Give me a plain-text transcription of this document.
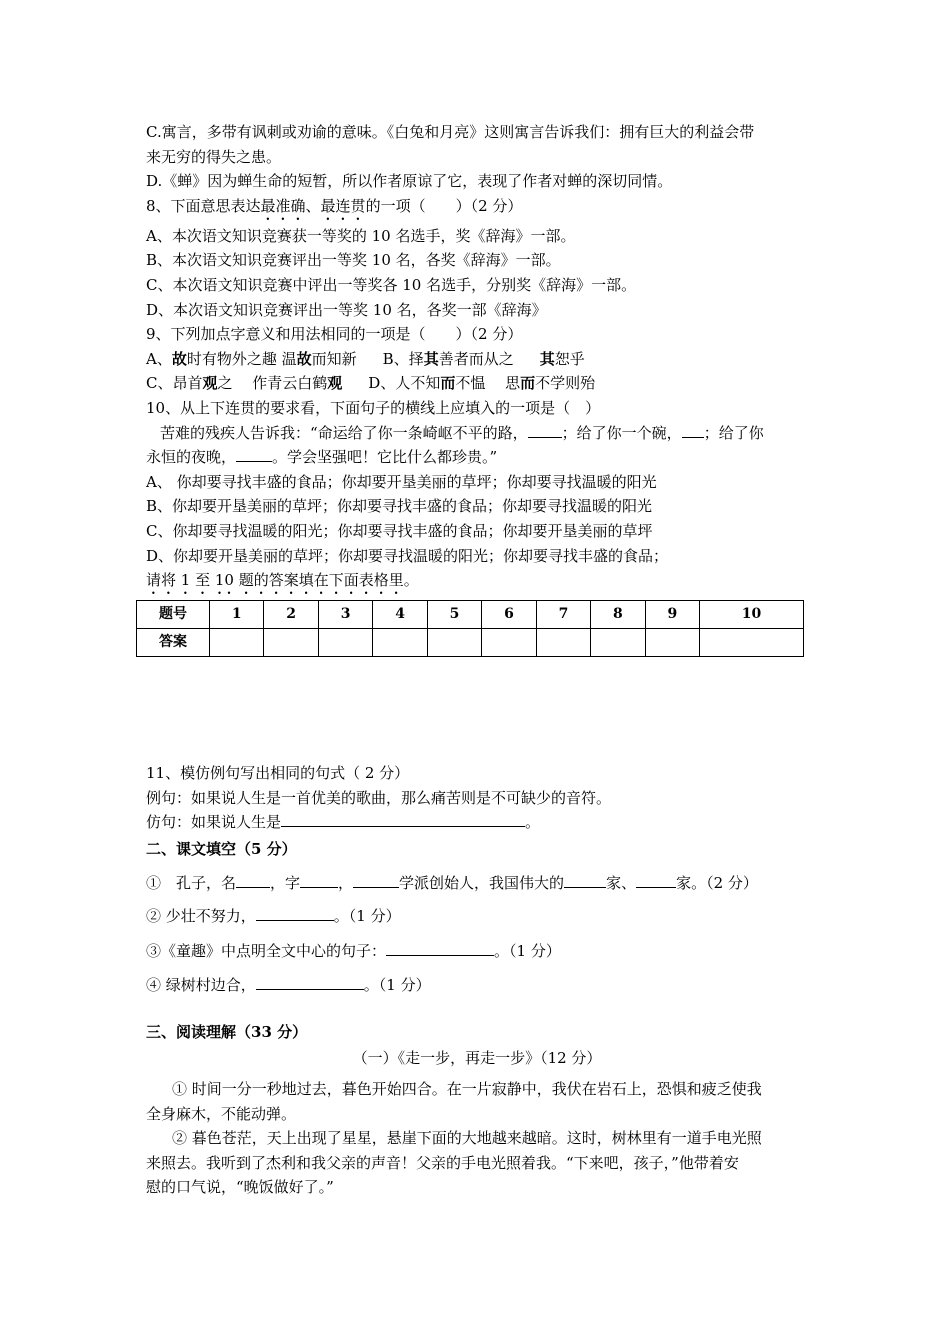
C.寓言，多带有讽刺或劝谕的意味。《白兔和月亮》这则寓言告诉我们：拥有巨大的利益会带

来无穷的得失之患。

D.《蝉》因为蝉生命的短暂，所以作者原谅了它，表现了作者对蝉的深切同情。

8、下面意思表达最准确、最连贯的一项（　　）（2 分）

A、本次语文知识竞赛获一等奖的 10 名选手，奖《辞海》一部。

B、本次语文知识竞赛评出一等奖 10 名，各奖《辞海》一部。

C、本次语文知识竞赛中评出一等奖各 10 名选手，分别奖《辞海》一部。

D、本次语文知识竞赛评出一等奖 10 名，各奖一部《辞海》

9、下列加点字意义和用法相同的一项是（　　）（2 分）

A、故时有物外之趣 温故而知新 B、择其善者而从之 其恕乎

C、昂首观之　 作青云白鹤观 D、人不知而不愠　 思而不学则殆

10、从上下连贯的要求看，下面句子的横线上应填入的一项是（　）

苦难的残疾人告诉我：“命运给了你一条崎岖不平的路， ；给了你一个碗， ；给了你

永恒的夜晚， 。学会坚强吧！它比什么都珍贵。”

A、 你却要寻找丰盛的食品；你却要开垦美丽的草坪；你却要寻找温暖的阳光

B、你却要开垦美丽的草坪；你却要寻找丰盛的食品；你却要寻找温暖的阳光

C、你却要寻找温暖的阳光；你却要寻找丰盛的食品；你却要开垦美丽的草坪

D、你却要开垦美丽的草坪；你却要寻找温暖的阳光；你却要寻找丰盛的食品；

请将 1 至 10 题的答案填在下面表格里。

题号	1	2	3	4	5	6	7	8	9	10
答案										

11、模仿例句写出相同的句式（ 2 分）

例句：如果说人生是一首优美的歌曲，那么痛苦则是不可缺少的音符。

仿句：如果说人生是	。

二、课文填空（5 分）

①　孔子，名 ，字	，	学派创始人，我国伟大的	家、	家。（2 分）

② 少壮不努力，	。（1 分）

③《童趣》中点明全文中心的句子：	。（1 分）

④ 绿树村边合，	。（1 分）

三、阅读理解（33 分）

（一）《走一步，再走一步》（12 分）

① 时间一分一秒地过去，暮色开始四合。在一片寂静中，我伏在岩石上，恐惧和疲乏使我

全身麻木，不能动弹。

② 暮色苍茫，天上出现了星星，悬崖下面的大地越来越暗。这时，树林里有一道手电光照

来照去。我听到了杰利和我父亲的声音！父亲的手电光照着我。“下来吧，孩子，”他带着安

慰的口气说，“晚饭做好了。”
